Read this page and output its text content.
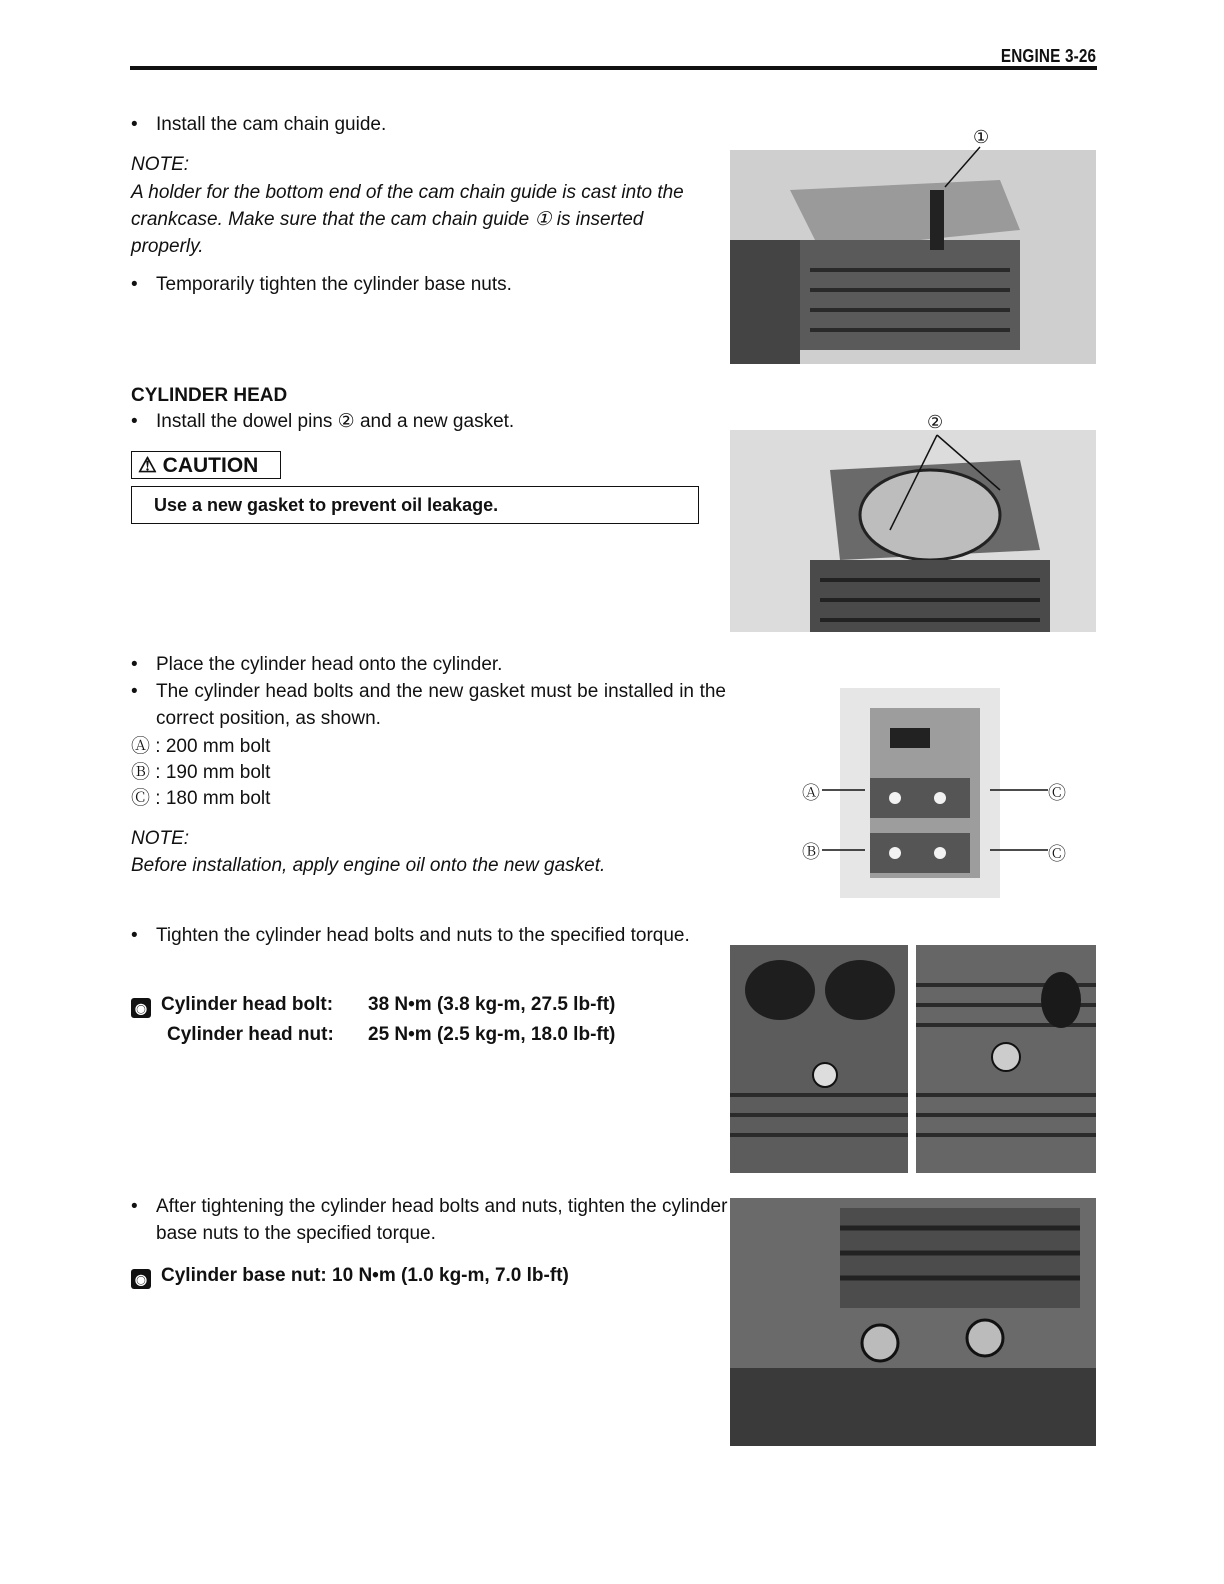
ENGINE 3-26
• Install the cam chain guide.
NOTE:
A holder for the bottom end of the cam chain guide is cast into the crankcase. Make sure that the cam chain guide ① is inserted properly.
• Temporarily tighten the cylinder base nuts.
CYLINDER HEAD
• Install the dowel pins ② and a new gasket.
⚠ CAUTION
Use a new gasket to prevent oil leakage.
• Place the cylinder head onto the cylinder.
• The cylinder head bolts and the new gasket must be installed in the correct position, as shown.
Ⓐ : 200 mm bolt
Ⓑ : 190 mm bolt
Ⓒ : 180 mm bolt
NOTE:
Before installation, apply engine oil onto the new gasket.
• Tighten the cylinder head bolts and nuts to the specified torque.
◉ Cylinder head bolt: 38 N•m (3.8 kg-m, 27.5 lb-ft)
Cylinder head nut: 25 N•m (2.5 kg-m, 18.0 lb-ft)
• After tightening the cylinder head bolts and nuts, tighten the cylinder base nuts to the specified torque.
◉ Cylinder base nut: 10 N•m (1.0 kg-m, 7.0 lb-ft)
①
②
Ⓐ
Ⓑ
Ⓒ
Ⓒ
